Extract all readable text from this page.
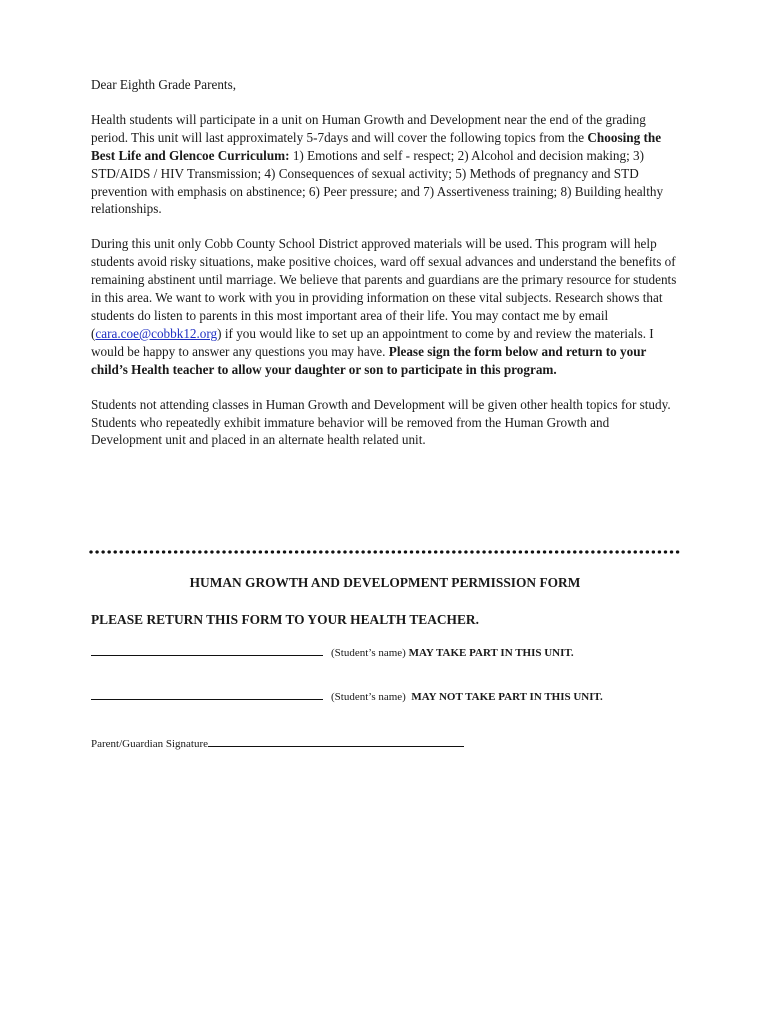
Dear Eighth Grade Parents,

Health students will participate in a unit on Human Growth and Development near the end of the grading period. This unit will last approximately 5-7days and will cover the following topics from the Choosing the Best Life and Glencoe Curriculum: 1) Emotions and self - respect; 2) Alcohol and decision making; 3) STD/AIDS / HIV Transmission; 4) Consequences of sexual activity; 5) Methods of pregnancy and STD prevention with emphasis on abstinence; 6) Peer pressure; and 7) Assertiveness training; 8) Building healthy relationships.

During this unit only Cobb County School District approved materials will be used. This program will help students avoid risky situations, make positive choices, ward off sexual advances and understand the benefits of remaining abstinent until marriage. We believe that parents and guardians are the primary resource for students in this area. We want to work with you in providing information on these vital subjects. Research shows that students do listen to parents in this most important area of their life. You may contact me by email (cara.coe@cobbk12.org) if you would like to set up an appointment to come by and review the materials. I would be happy to answer any questions you may have. Please sign the form below and return to your child’s Health teacher to allow your daughter or son to participate in this program.

Students not attending classes in Human Growth and Development will be given other health topics for study. Students who repeatedly exhibit immature behavior will be removed from the Human Growth and Development unit and placed in an alternate health related unit.

HUMAN GROWTH AND DEVELOPMENT PERMISSION FORM
PLEASE RETURN THIS FORM TO YOUR HEALTH TEACHER.
(Student’s name) MAY TAKE PART IN THIS UNIT.
(Student’s name) MAY NOT TAKE PART IN THIS UNIT.
Parent/Guardian Signature
